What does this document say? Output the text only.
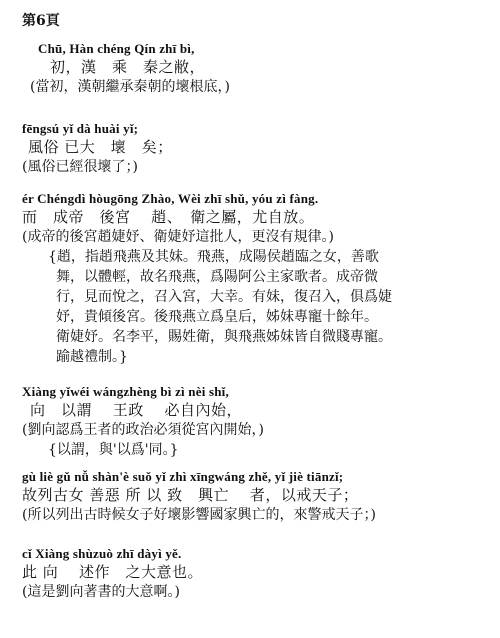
第6頁
Chū, Hàn chéng Qín zhī bì,
初，漢　乘　秦之敝，
(當初，漢朝繼承秦朝的壞根底，)
fēngsú yǐ dà huài yǐ;
風俗 已大　壞　矣；
(風俗已經很壞了；)
ér Chéngdì hòugōng Zhào, Wèi zhī shǔ, yóu zì fàng.
而　成帝　後宮　 趙、　衛之屬，尤自放。
(成帝的後宮趙婕妤、衛婕妤這批人，更沒有規律。)
{趙，指趙飛燕及其妹。飛燕，成陽侯趙臨之女，善歌
舞，以體輕，故名飛燕，爲陽阿公主家歌者。成帝微
行，見而悅之，召入宮，大幸。有妹，復召入，俱爲婕
妤，貴傾後宮。後飛燕立爲皇后，姊妹專寵十餘年。
衛婕妤。名李平，賜姓衛，與飛燕姊妹皆自微賤專寵。
踰越禮制。}
Xiàng yǐwéi wángzhèng bì zì nèi shǐ,
向　以謂　 王政　 必自內始，
(劉向認爲王者的政治必須從宮內開始，)
{以謂，與'以爲'同。}
gù liè gǔ nǚ shàn'è suǒ yǐ zhì xīngwáng zhě, yǐ jiè tiānzǐ;
故列古女 善惡 所 以 致　興亡　 者，以戒天子；
(所以列出古時候女子好壞影響國家興亡的，來警戒天子；)
cǐ Xiàng shùzuò zhī dàyì yě.
此 向　 述作　之大意也。
(這是劉向著書的大意啊。)
